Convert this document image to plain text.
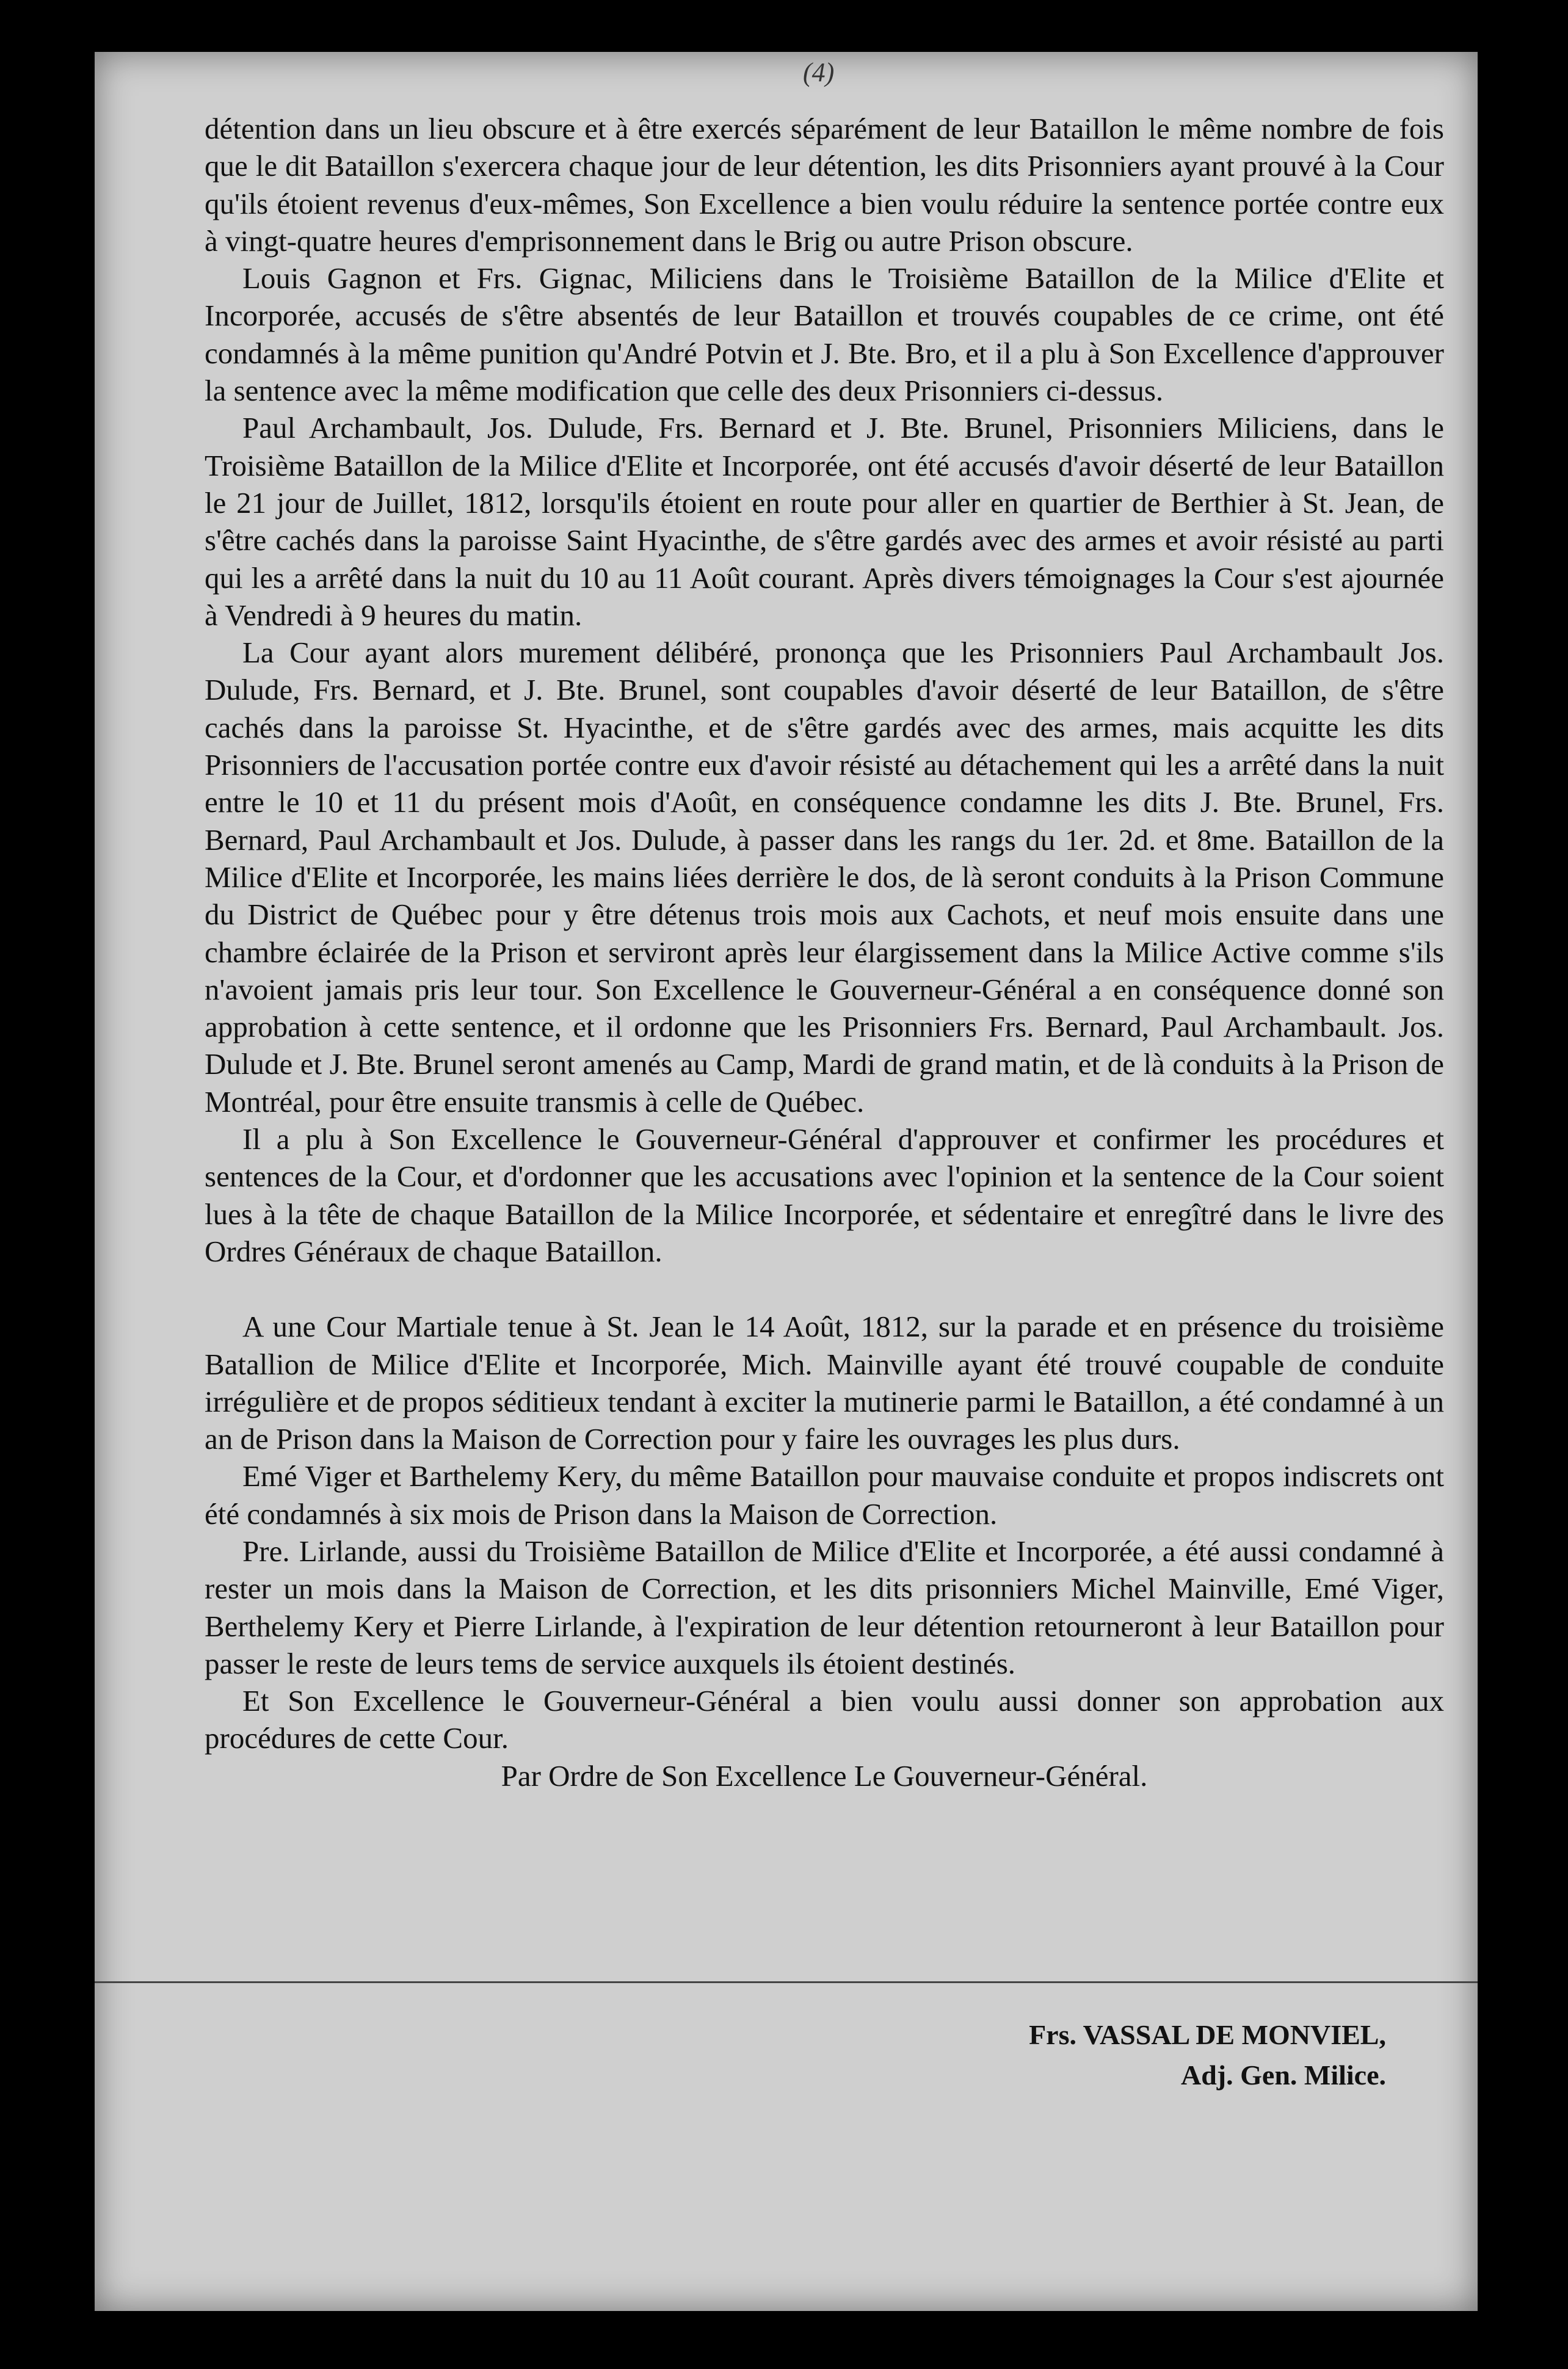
(4)

détention dans un lieu obscure et à être exercés séparément de leur Bataillon le même nombre de fois que le dit Bataillon s'exercera chaque jour de leur détention, les dits Prisonniers ayant prouvé à la Cour qu'ils étoient revenus d'eux-mêmes, Son Excellence a bien voulu réduire la sentence portée contre eux à vingt-quatre heures d'emprisonnement dans le Brig ou autre Prison obscure.

Louis Gagnon et Frs. Gignac, Miliciens dans le Troisième Bataillon de la Milice d'Elite et Incorporée, accusés de s'être absentés de leur Bataillon et trouvés coupables de ce crime, ont été condamnés à la même punition qu'André Potvin et J. Bte. Bro, et il a plu à Son Excellence d'approuver la sentence avec la même modification que celle des deux Prisonniers ci-dessus.

Paul Archambault, Jos. Dulude, Frs. Bernard et J. Bte. Brunel, Prisonniers Miliciens, dans le Troisième Bataillon de la Milice d'Elite et Incorporée, ont été accusés d'avoir déserté de leur Bataillon le 21 jour de Juillet, 1812, lorsqu'ils étoient en route pour aller en quartier de Berthier à St. Jean, de s'être cachés dans la paroisse Saint Hyacinthe, de s'être gardés avec des armes et avoir résisté au parti qui les a arrêté dans la nuit du 10 au 11 Août courant. Après divers témoignages la Cour s'est ajournée à Vendredi à 9 heures du matin.

La Cour ayant alors murement délibéré, prononça que les Prisonniers Paul Archambault Jos. Dulude, Frs. Bernard, et J. Bte. Brunel, sont coupables d'avoir déserté de leur Bataillon, de s'être cachés dans la paroisse St. Hyacinthe, et de s'être gardés avec des armes, mais acquitte les dits Prisonniers de l'accusation portée contre eux d'avoir résisté au détachement qui les a arrêté dans la nuit entre le 10 et 11 du présent mois d'Août, en conséquence condamne les dits J. Bte. Brunel, Frs. Bernard, Paul Archambault et Jos. Dulude, à passer dans les rangs du 1er. 2d. et 8me. Bataillon de la Milice d'Elite et Incorporée, les mains liées derrière le dos, de là seront conduits à la Prison Commune du District de Québec pour y être détenus trois mois aux Cachots, et neuf mois ensuite dans une chambre éclairée de la Prison et serviront après leur élargissement dans la Milice Active comme s'ils n'avoient jamais pris leur tour. Son Excellence le Gouverneur-Général a en conséquence donné son approbation à cette sentence, et il ordonne que les Prisonniers Frs. Bernard, Paul Archambault. Jos. Dulude et J. Bte. Brunel seront amenés au Camp, Mardi de grand matin, et de là conduits à la Prison de Montréal, pour être ensuite transmis à celle de Québec.

Il a plu à Son Excellence le Gouverneur-Général d'approuver et confirmer les procédures et sentences de la Cour, et d'ordonner que les accusations avec l'opinion et la sentence de la Cour soient lues à la tête de chaque Bataillon de la Milice Incorporée, et sédentaire et enregîtré dans le livre des Ordres Généraux de chaque Bataillon.

A une Cour Martiale tenue à St. Jean le 14 Août, 1812, sur la parade et en présence du troisième Batallion de Milice d'Elite et Incorporée, Mich. Mainville ayant été trouvé coupable de conduite irrégulière et de propos séditieux tendant à exciter la mutinerie parmi le Bataillon, a été condamné à un an de Prison dans la Maison de Correction pour y faire les ouvrages les plus durs.

Emé Viger et Barthelemy Kery, du même Bataillon pour mauvaise conduite et propos indiscrets ont été condamnés à six mois de Prison dans la Maison de Correction.

Pre. Lirlande, aussi du Troisième Bataillon de Milice d'Elite et Incorporée, a été aussi condamné à rester un mois dans la Maison de Correction, et les dits prisonniers Michel Mainville, Emé Viger, Berthelemy Kery et Pierre Lirlande, à l'expiration de leur détention retourneront à leur Bataillon pour passer le reste de leurs tems de service auxquels ils étoient destinés.

Et Son Excellence le Gouverneur-Général a bien voulu aussi donner son approbation aux procédures de cette Cour.

Par Ordre de Son Excellence Le Gouverneur-Général.

Frs. VASSAL DE MONVIEL,
Adj. Gen. Milice.
